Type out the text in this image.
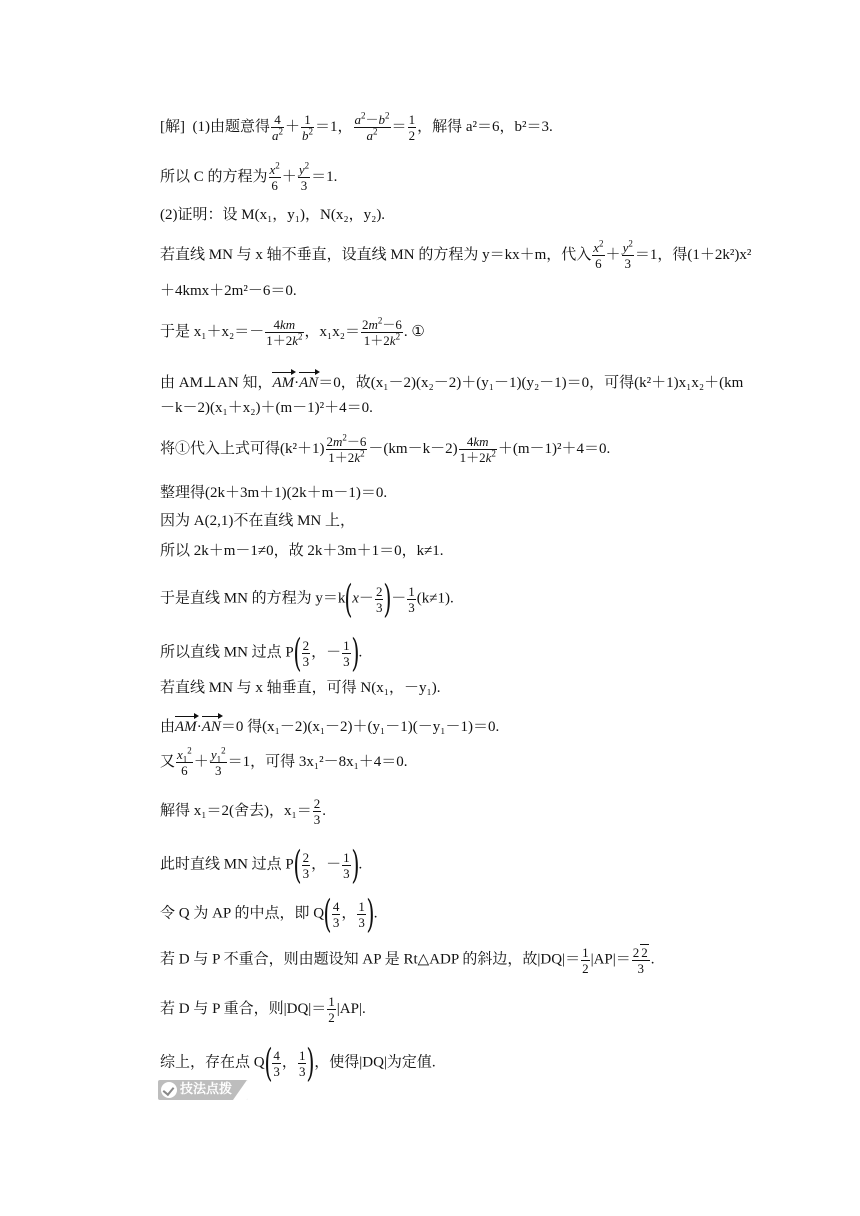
[解] (1)由题意得 $\frac{4}{a^2} + \frac{1}{b^2} =1$， $\frac{a^2-b^2}{a^2} = \frac{1}{2}$ ，解得 a²＝6，b²＝3.
所以 C 的方程为 $\frac{x^2}{6} + \frac{y^2}{3} =1$.
(2)证明：设 M(x₁，y₁)，N(x₂，y₂).
若直线 MN 与 x 轴不垂直，设直线 MN 的方程为 y＝kx＋m，代入 $\frac{x^2}{6} + \frac{y^2}{3} =1$，得(1＋2k²)x²
＋4kmx＋2m²－6＝0.
于是 $x_1+x_2=- \frac{4km}{1+2k^2}$ ，$x_1x_2= \frac{2m^2-6}{1+2k^2}$ . ①
由 AM⊥AN 知，AM·AN＝0，故(x₁－2)(x₂－2)＋(y₁－1)(y₂－1)＝0，可得(k²＋1)x₁x₂＋(km
－k－2)(x₁＋x₂)＋(m－1)²＋4＝0.
将①代入上式可得$(k^2+1) \frac{2m^2-6}{1+2k^2} -(km-k-2) \frac{4km}{1+2k^2} +(m-1)^2+4=0$.
整理得(2k＋3m＋1)(2k＋m－1)＝0.
因为 A(2,1)不在直线 MN 上，
所以 2k＋m－1≠0，故 2k＋3m＋1＝0，k≠1.
于是直线 MN 的方程为 $y=k(x- \frac{2}{3}$ )－ $\frac{1}{3} (k\ne 1)$.
所以直线 MN 过点 $P( \frac{2}{3}$ ，－ $\frac{1}{3}$ ).
若直线 MN 与 x 轴垂直，可得 N(x₁，－y₁).
由AM·AN＝0 得(x₁－2)(x₁－2)＋(y₁－1)(－y₁－1)＝0.
又 $\frac{x_1^2}{6} + \frac{y_1^2}{3} =1$，可得 3x₁²－8x₁＋4＝0.
解得 x₁＝2(舍去)，$x_1= \frac{2}{3}$ .
此时直线 MN 过点 $P( \frac{2}{3}$ ，－ $\frac{1}{3}$ ).
令 Q 为 AP 的中点，即 $Q( \frac{4}{3}$ ， $\frac{1}{3}$ ).
若 D 与 P 不重合，则由题设知 AP 是 Rt△ADP 的斜边，故$|DQ|= \frac{1}{2} |AP|= \frac{2 2}{3}$ .
若 D 与 P 重合，则$|DQ|= \frac{1}{2} |AP|$.
综上，存在点 $Q( \frac{4}{3}$ ， $\frac{1}{3}$ )，使得|DQ|为定值.
技法点拨
